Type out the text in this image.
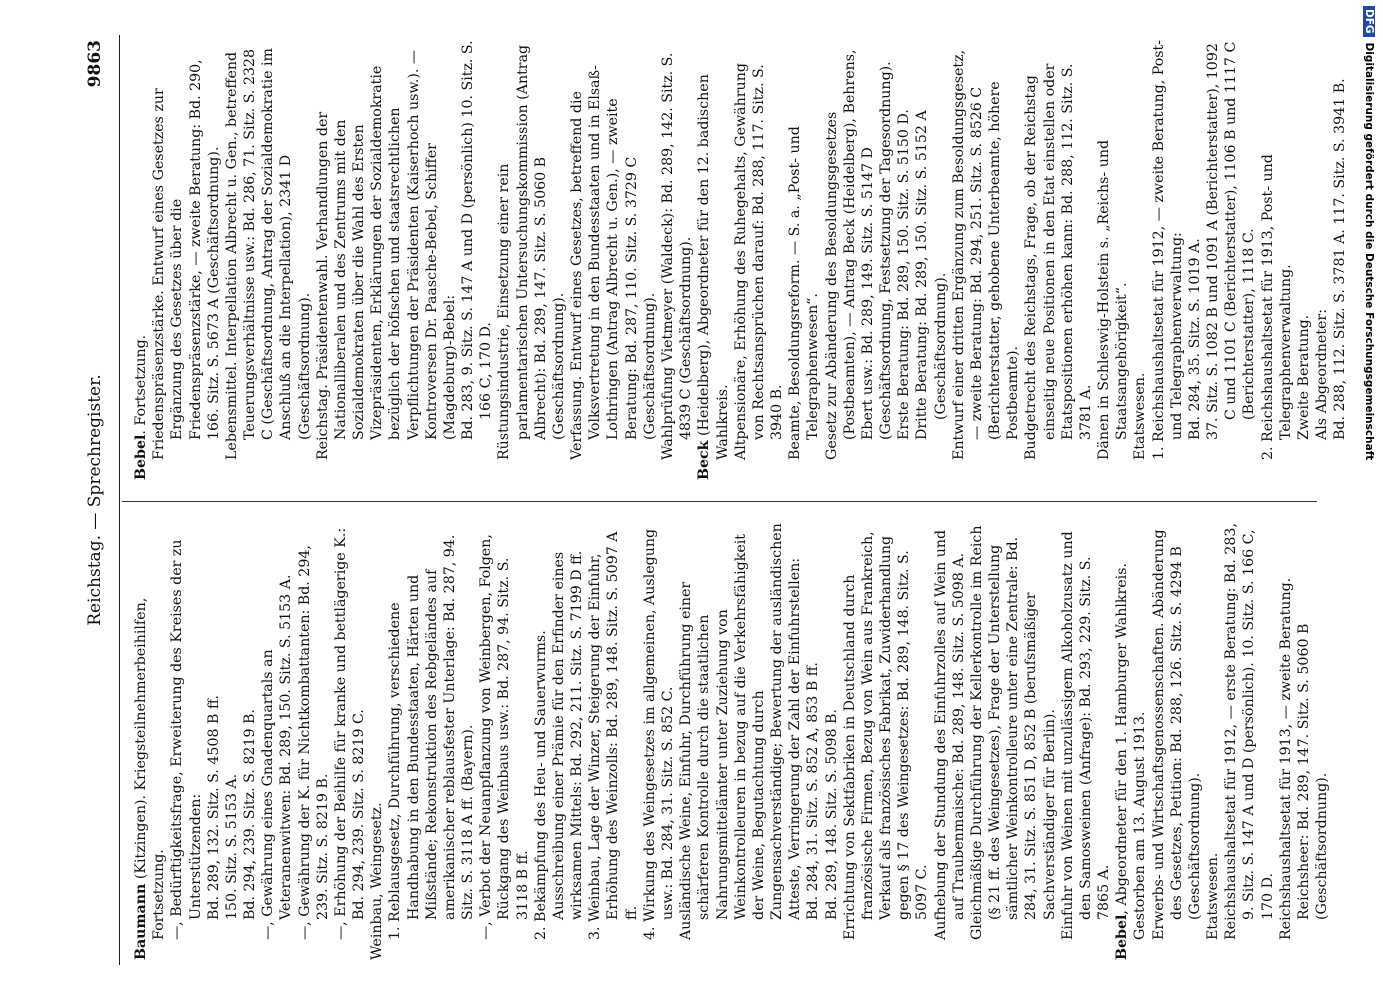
Reichstag. — Sprechregister.
9863
Baumann (Kitzingen). Kriegsteilnehmerbeihilfen, Fortsetzung. —, Bedürftigkeitsfrage, Erweiterung des Kreises der zu Unterstützenden: Bd. 289, 132. Sitz. S. 4508 B ff. 150. Sitz. S. 5153 A. Bd. 294, 239. Sitz. S. 8219 B. —, Gewährung eines Gnadenquartals an Veteranenwitwen: Bd. 289, 150. Sitz. S. 5153 A. —, Gewährung der K. für Nichtkombattanten: Bd. 294, 239. Sitz. S. 8219 B. —, Erhöhung der Beihilfe für kranke und bettlägerige K.: Bd. 294, 239. Sitz. S. 8219 C. Weinbau, Weingesetz. 1. Reblausgesetz, Durchführung, verschiedene Handhabung in den Bundesstaaten, Härten und Mißstände; Rekonstruktion des Rebgeländes auf amerikanischer reblausfester Unterlage: Bd. 287, 94. Sitz. S. 3118 A ff. (Bayern). —, Verbot der Neuanpflanzung von Weinbergen, Folgen, Rückgang des Weinbaus usw.: Bd. 287, 94. Sitz. S. 3118 B ff. 2. Bekämpfung des Heu- und Sauerwurms. Ausschreibung einer Prämie für den Erfinder eines wirksamen Mittels: Bd. 292, 211. Sitz. S. 7199 D ff. 3. Weinbau, Lage der Winzer, Steigerung der Einfuhr, Erhöhung des Weinzolls: Bd. 289, 148. Sitz. S. 5097 A ff. 4. Wirkung des Weingesetzes im allgemeinen, Auslegung usw.: Bd. 284, 31. Sitz. S. 852 C. Ausländische Weine, Einfuhr, Durchführung einer schärferen Kontrolle durch die staatlichen Nahrungsmittelämter unter Zuziehung von Weinkontrolleuren in bezug auf die Verkehrsfähigkeit der Weine, Begutachtung durch Zungensachverständige; Bewertung der ausländischen Atteste, Verringerung der Zahl der Einfuhrstellen: Bd. 284, 31. Sitz. S. 852 A, 853 B ff. Bd. 289, 148. Sitz. S. 5098 B. Errichtung von Sektfabriken in Deutschland durch französische Firmen, Bezug von Wein aus Frankreich, Verkauf als französisches Fabrikat, Zuwiderhandlung gegen § 17 des Weingesetzes: Bd. 289, 148. Sitz. S. 5097 C. Aufhebung der Stundung des Einfuhrzolles auf Wein und auf Traubenmaische: Bd. 289, 148. Sitz. S. 5098 A. Gleichmäßige Durchführung der Kellerkontrolle im Reich (§ 21 ff. des Weingesetzes), Frage der Unterstellung sämtlicher Weinkontrolleure unter eine Zentrale: Bd. 284, 31. Sitz. S. 851 D, 852 B (berufsmäßiger Sachverständiger für Berlin). Einfuhr von Weinen mit unzulässigem Alkoholzusatz und den Samosweinen (Anfrage): Bd. 293, 229. Sitz. S. 7865 A.
Bebel, Abgeordneter für den 1. Hamburger Wahlkreis. Gestorben am 13. August 1913. Erwerbs- und Wirtschaftsgenossenschaften. Abänderung des Gesetzes, Petition: Bd. 288, 126. Sitz. S. 4294 B (Geschäftsordnung). Etatswesen. Reichshaushaltsetat für 1912, — erste Beratung: Bd. 283, 9. Sitz. S. 147 A und D (persönlich). 10. Sitz. S. 166 C, 170 D. Reichshaushaltsetat für 1913, — zweite Beratung. Reichsheer: Bd. 289, 147. Sitz. S. 5060 B (Geschäftsordnung).
Bebel. Fortsetzung. Friedenspräsenzstärke. Entwurf eines Gesetzes zur Ergänzung des Gesetzes über die Friedenspräsenzstärke, — zweite Beratung: Bd. 290, 166. Sitz. S. 5673 A (Geschäftsordnung). Lebensmittel. Interpellation Albrecht u. Gen., betreffend Teuerungsverhältnisse usw.: Bd. 286, 71. Sitz. S. 2328 C (Geschäftsordnung, Antrag der Sozialdemokratie im Anschluß an die Interpellation), 2341 D (Geschäftsordnung). Reichstag. Präsidentenwahl. Verhandlungen der Nationalliberalen und des Zentrums mit den Sozialdemokraten über die Wahl des Ersten Vizepräsidenten, Erklärungen der Sozialdemokratie bezüglich der höfischen und staatsrechtlichen Verpflichtungen der Präsidenten (Kaiserhoch usw.). — Kontroversen Dr. Paasche-Bebel, Schiffer (Magdeburg)-Bebel: Bd. 283, 9. Sitz. S. 147 A und D (persönlich) 10. Sitz. S. 166 C, 170 D. Rüstungsindustrie, Einsetzung einer rein parlamentarischen Untersuchungskommission (Antrag Albrecht): Bd. 289, 147. Sitz. S. 5060 B (Geschäftsordnung). Verfassung. Entwurf eines Gesetzes, betreffend die Volksvertretung in den Bundesstaaten und in Elsaß-Lothringen (Antrag Albrecht u. Gen.), — zweite Beratung: Bd. 287, 110. Sitz. S. 3729 C (Geschäftsordnung). Wahlprüfung Vietmeyer (Waldeck): Bd. 289, 142. Sitz. S. 4839 C (Geschäftsordnung).
Beck (Heidelberg), Abgeordneter für den 12. badischen Wahlkreis. Altpensionäre, Erhöhung des Ruhegehalts, Gewährung von Rechtsansprüchen darauf: Bd. 288, 117. Sitz. S. 3940 B. Beamte, Besoldungsreform. — S. a. „Post- und Telegraphenwesen“. Gesetz zur Abänderung des Besoldungsgesetzes (Postbeamten), — Antrag Beck (Heidelberg), Behrens, Ebert usw.: Bd. 289, 149. Sitz. S. 5147 D (Geschäftsordnung, Festsetzung der Tagesordnung). Erste Beratung: Bd. 289, 150. Sitz. S. 5150 D. Dritte Beratung: Bd. 289, 150. Sitz. S. 5152 A (Geschäftsordnung). Entwurf einer dritten Ergänzung zum Besoldungsgesetz, — zweite Beratung: Bd. 294, 251. Sitz. S. 8526 C (Berichterstatter, gehobene Unterbeamte, höhere Postbeamte). Budgetrecht des Reichstags, Frage, ob der Reichstag einseitig neue Positionen in den Etat einstellen oder Etatspositionen erhöhen kann: Bd. 288, 112. Sitz. S. 3781 A. Dänen in Schleswig-Holstein s. „Reichs- und Staatsangehörigkeit“. Etatswesen. 1. Reichshaushaltsetat für 1912, — zweite Beratung, Post- und Telegraphenverwaltung: Bd. 284, 35. Sitz. S. 1019 A. 37. Sitz. S. 1082 B und 1091 A (Berichterstatter), 1092 C und 1101 C (Berichterstatter), 1106 B und 1117 C (Berichterstatter), 1118 C. 2. Reichshaushaltsetat für 1913, Post- und Telegraphenverwaltung. Zweite Beratung. Als Abgeordneter: Bd. 288, 112. Sitz. S. 3781 A. 117. Sitz. S. 3941 B.
DFGDigitalisierung gefördert durch die Deutsche Forschungsgemeinschaft
